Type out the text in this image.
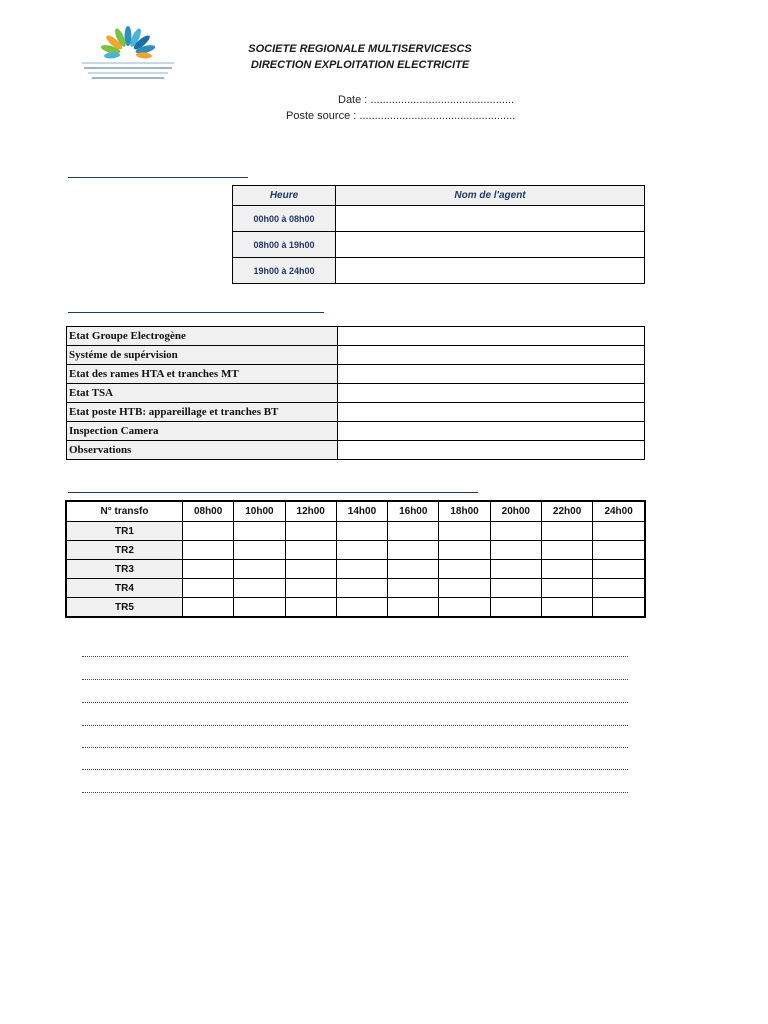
SOCIETE REGIONALE MULTISERVICESCS
DIRECTION EXPLOITATION ELECTRICITE
Date : ...............................................
Poste source : ...................................................
Heure	Nom de l'agent
00h00 à 08h00	
08h00 à 19h00	
19h00 à 24h00	
Etat Groupe Electrogène	
Systéme de supérvision	
Etat des rames HTA et tranches MT	
Etat TSA	
Etat poste HTB: appareillage et tranches BT	
Inspection Camera	
Observations	
N° transfo	08h00	10h00	12h00	14h00	16h00	18h00	20h00	22h00	24h00
TR1									
TR2									
TR3									
TR4									
TR5									
